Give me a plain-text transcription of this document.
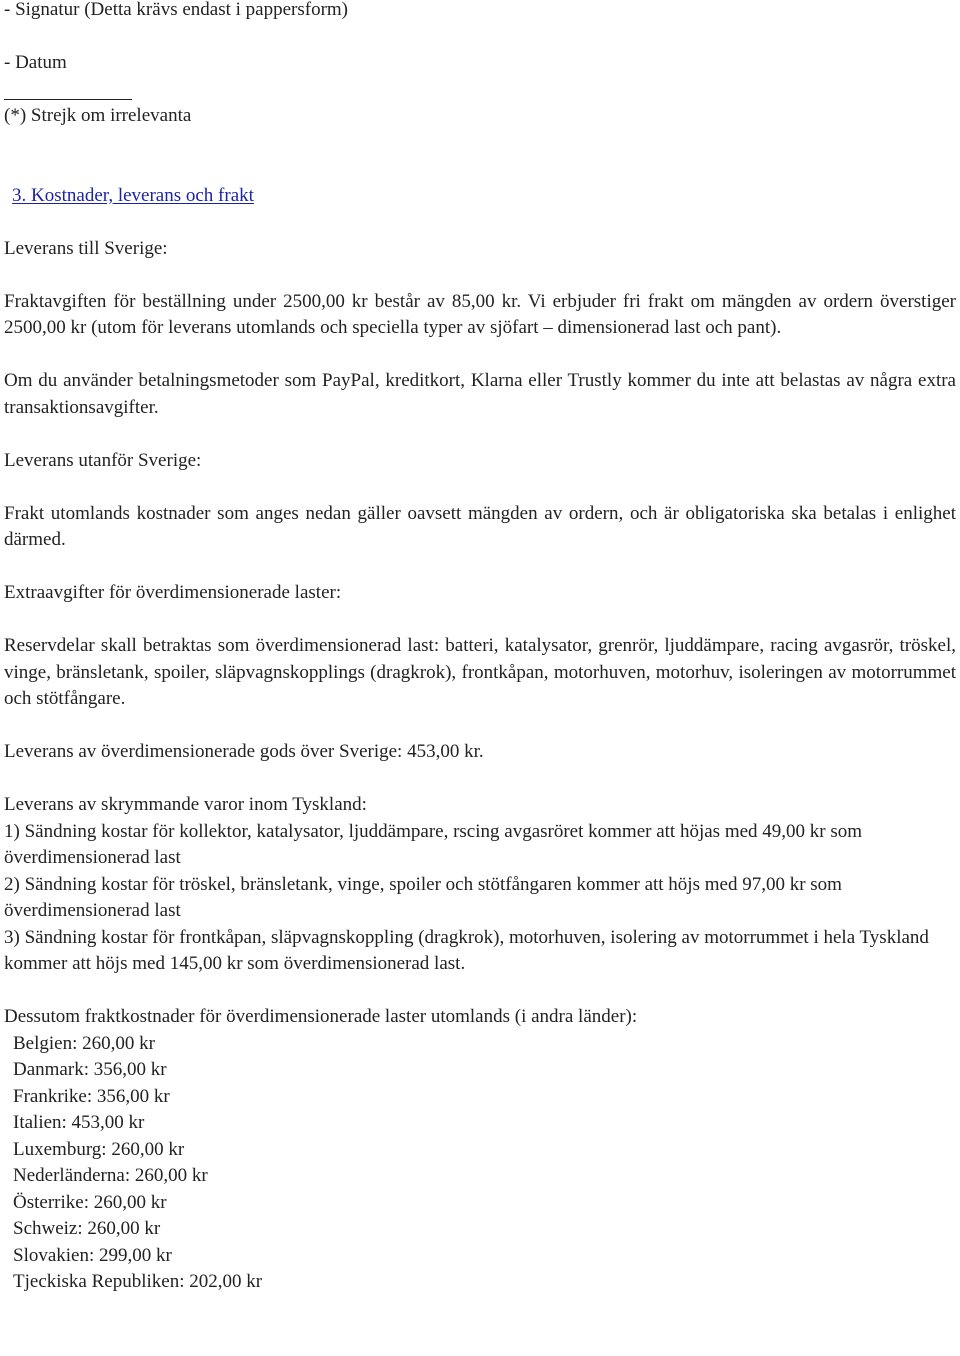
- Signatur (Detta krävs endast i pappersform)

- Datum

(*) Strejk om irrelevanta

3. Kostnader, leverans och frakt

Leverans till Sverige:

Fraktavgiften för beställning under 2500,00 kr består av 85,00 kr. Vi erbjuder fri frakt om mängden av ordern överstiger 2500,00 kr (utom för leverans utomlands och speciella typer av sjöfart – dimensionerad last och pant).

Om du använder betalningsmetoder som PayPal, kreditkort, Klarna eller Trustly kommer du inte att belastas av några extra transaktionsavgifter.

Leverans utanför Sverige:

Frakt utomlands kostnader som anges nedan gäller oavsett mängden av ordern, och är obligatoriska ska betalas i enlighet därmed.

Extraavgifter för överdimensionerade laster:

Reservdelar skall betraktas som överdimensionerad last: batteri, katalysator, grenrör, ljuddämpare, racing avgasrör, tröskel, vinge, bränsletank, spoiler, släpvagnskopplings (dragkrok), frontkåpan, motorhuven, motorhuv, isoleringen av motorrummet och stötfångare.

Leverans av överdimensionerade gods över Sverige: 453,00 kr.

Leverans av skrymmande varor inom Tyskland:

1) Sändning kostar för kollektor, katalysator, ljuddämpare, rscing avgasröret kommer att höjas med 49,00 kr som överdimensionerad last

2) Sändning kostar för tröskel, bränsletank, vinge, spoiler och stötfångaren kommer att höjs med 97,00 kr som överdimensionerad last

3) Sändning kostar för frontkåpan, släpvagnskoppling (dragkrok), motorhuven, isolering av motorrummet i hela Tyskland kommer att höjs med 145,00 kr som överdimensionerad last.

Dessutom fraktkostnader för överdimensionerade laster utomlands (i andra länder):

Belgien: 260,00 kr
Danmark: 356,00 kr
Frankrike: 356,00 kr
Italien: 453,00 kr
Luxemburg: 260,00 kr
Nederländerna: 260,00 kr
Österrike: 260,00 kr
Schweiz: 260,00 kr
Slovakien: 299,00 kr
Tjeckiska Republiken: 202,00 kr
